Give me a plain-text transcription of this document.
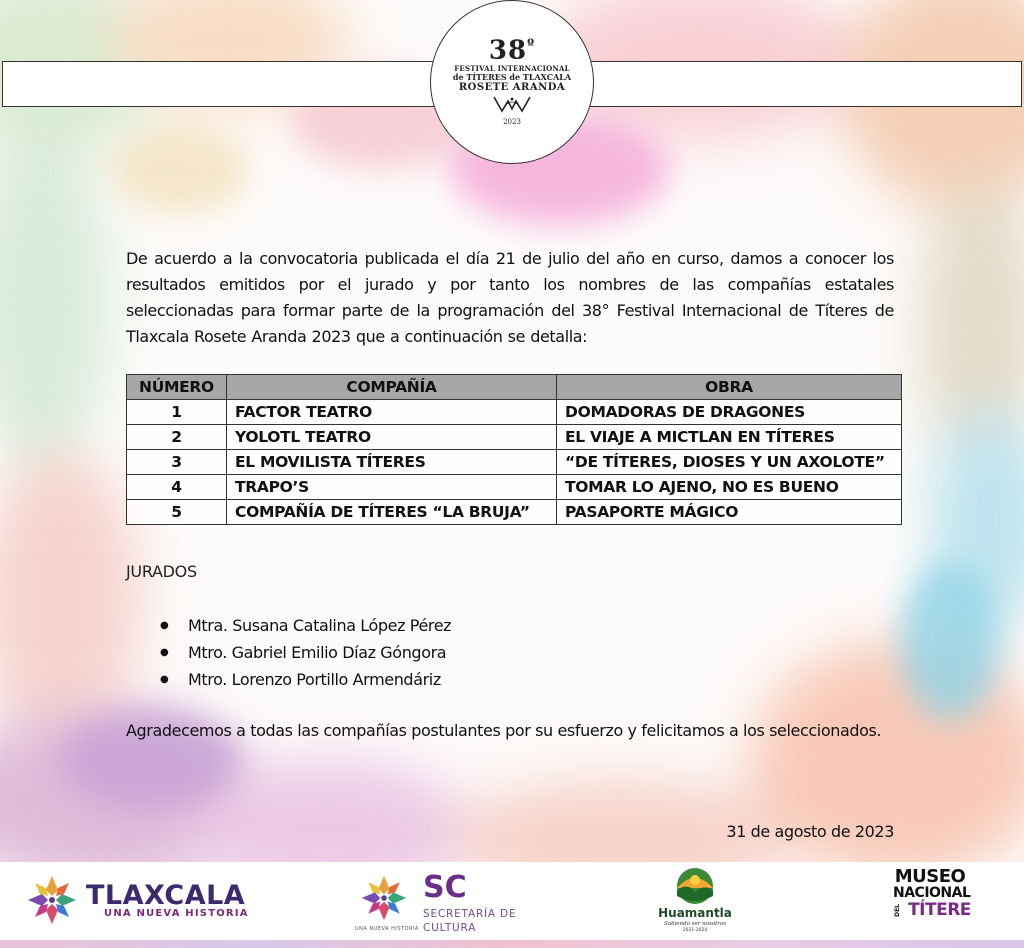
$38^º$
FESTIVAL INTERNACIONAL
de TÍTERES de TLAXCALA
ROSETE ARANDA
2023

De acuerdo a la convocatoria publicada el día 21 de julio del año en curso, damos a conocer los resultados emitidos por el jurado y por tanto los nombres de las compañías estatales seleccionadas para formar parte de la programación del 38° Festival Internacional de Títeres de Tlaxcala Rosete Aranda 2023 que a continuación se detalla:

NÚMERO	COMPAÑÍA	OBRA
1	FACTOR TEATRO	DOMADORAS DE DRAGONES
2	YOLOTL TEATRO	EL VIAJE A MICTLAN EN TÍTERES
3	EL MOVILISTA TÍTERES	“DE TÍTERES, DIOSES Y UN AXOLOTE”
4	TRAPO’S	TOMAR LO AJENO, NO ES BUENO
5	COMPAÑÍA DE TÍTERES “LA BRUJA”	PASAPORTE MÁGICO
JURADOS
● Mtra. Susana Catalina López Pérez
● Mtro. Gabriel Emilio Díaz Góngora
● Mtro. Lorenzo Portillo Armendáriz

Agradecemos a todas las compañías postulantes por su esfuerzo y felicitamos a los seleccionados.

31 de agosto de 2023
TLAXCALA
UNA NUEVA HISTORIA
UNA NUEVA HISTORIA
SC
SECRETARÍA DE
CULTURA
Huamantla
Sabiendo ser nosotros
2021-2024
MUSEO
NACIONAL
DEL TÍTERE
